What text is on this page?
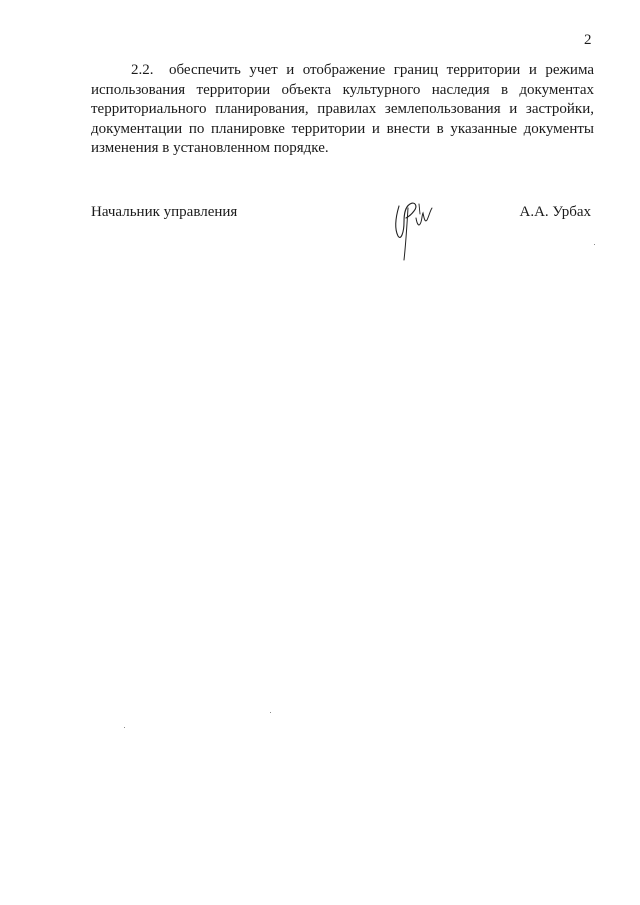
2
2.2. обеспечить учет и отображение границ территории и режима
использования территории объекта культурного наследия в документах
территориального планирования, правилах землепользования и застройки,
документации по планировке территории и внести в указанные документы
изменения в установленном порядке.
Начальник управления	А.А. Урбах
